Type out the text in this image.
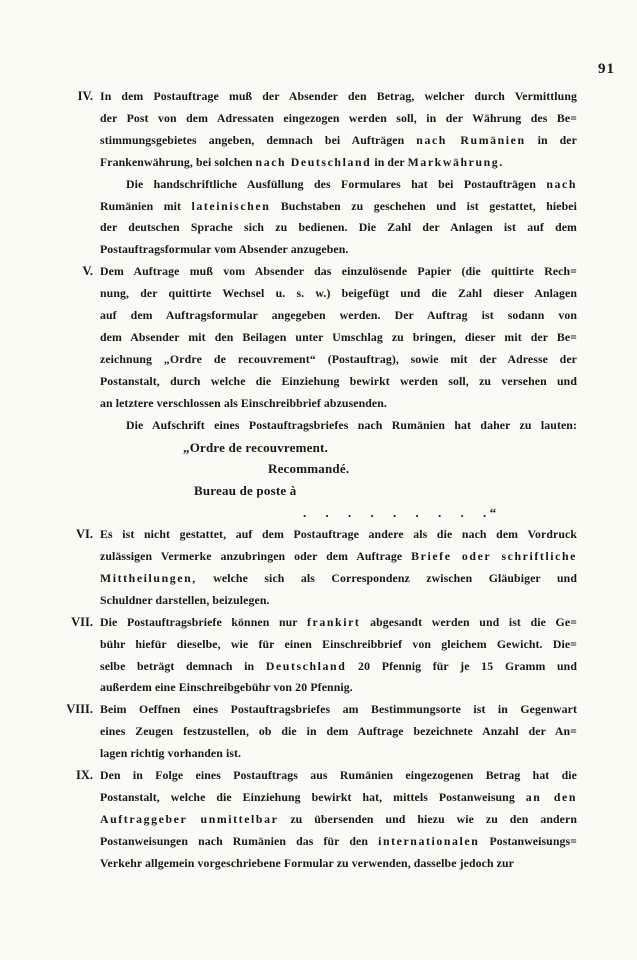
91
IV. In dem Postauftrage muß der Absender den Betrag, welcher durch Vermittlung

der Post von dem Adressaten eingezogen werden soll, in der Währung des Be=

stimmungsgebietes angeben, demnach bei Aufträgen nach Rumänien in der

Frankenwährung, bei solchen nach Deutschland in der Markwährung.

Die handschriftliche Ausfüllung des Formulares hat bei Postaufträgen nach

Rumänien mit lateinischen Buchstaben zu geschehen und ist gestattet, hiebei

der deutschen Sprache sich zu bedienen. Die Zahl der Anlagen ist auf dem

Postauftragsformular vom Absender anzugeben.

V. Dem Auftrage muß vom Absender das einzulösende Papier (die quittirte Rech=

nung, der quittirte Wechsel u. s. w.) beigefügt und die Zahl dieser Anlagen

auf dem Auftragsformular angegeben werden. Der Auftrag ist sodann von

dem Absender mit den Beilagen unter Umschlag zu bringen, dieser mit der Be=

zeichnung „Ordre de recouvrement“ (Postauftrag), sowie mit der Adresse der

Postanstalt, durch welche die Einziehung bewirkt werden soll, zu versehen und

an letztere verschlossen als Einschreibbrief abzusenden.

Die Aufschrift eines Postauftragsbriefes nach Rumänien hat daher zu lauten:

„Ordre de recouvrement.

Recommandé.

Bureau de poste à

. . . . . . . . . “

VI. Es ist nicht gestattet, auf dem Postauftrage andere als die nach dem Vordruck

zulässigen Vermerke anzubringen oder dem Auftrage Briefe oder schriftliche

Mittheilungen, welche sich als Correspondenz zwischen Gläubiger und

Schuldner darstellen, beizulegen.

VII. Die Postauftragsbriefe können nur frankirt abgesandt werden und ist die Ge=

bühr hiefür dieselbe, wie für einen Einschreibbrief von gleichem Gewicht. Die=

selbe beträgt demnach in Deutschland 20 Pfennig für je 15 Gramm und

außerdem eine Einschreibgebühr von 20 Pfennig.

VIII. Beim Oeffnen eines Postauftragsbriefes am Bestimmungsorte ist in Gegenwart

eines Zeugen festzustellen, ob die in dem Auftrage bezeichnete Anzahl der An=

lagen richtig vorhanden ist.

IX. Den in Folge eines Postauftrags aus Rumänien eingezogenen Betrag hat die

Postanstalt, welche die Einziehung bewirkt hat, mittels Postanweisung an den

Auftraggeber unmittelbar zu übersenden und hiezu wie zu den andern

Postanweisungen nach Rumänien das für den internationalen Postanweisungs=

Verkehr allgemein vorgeschriebene Formular zu verwenden, dasselbe jedoch zur
